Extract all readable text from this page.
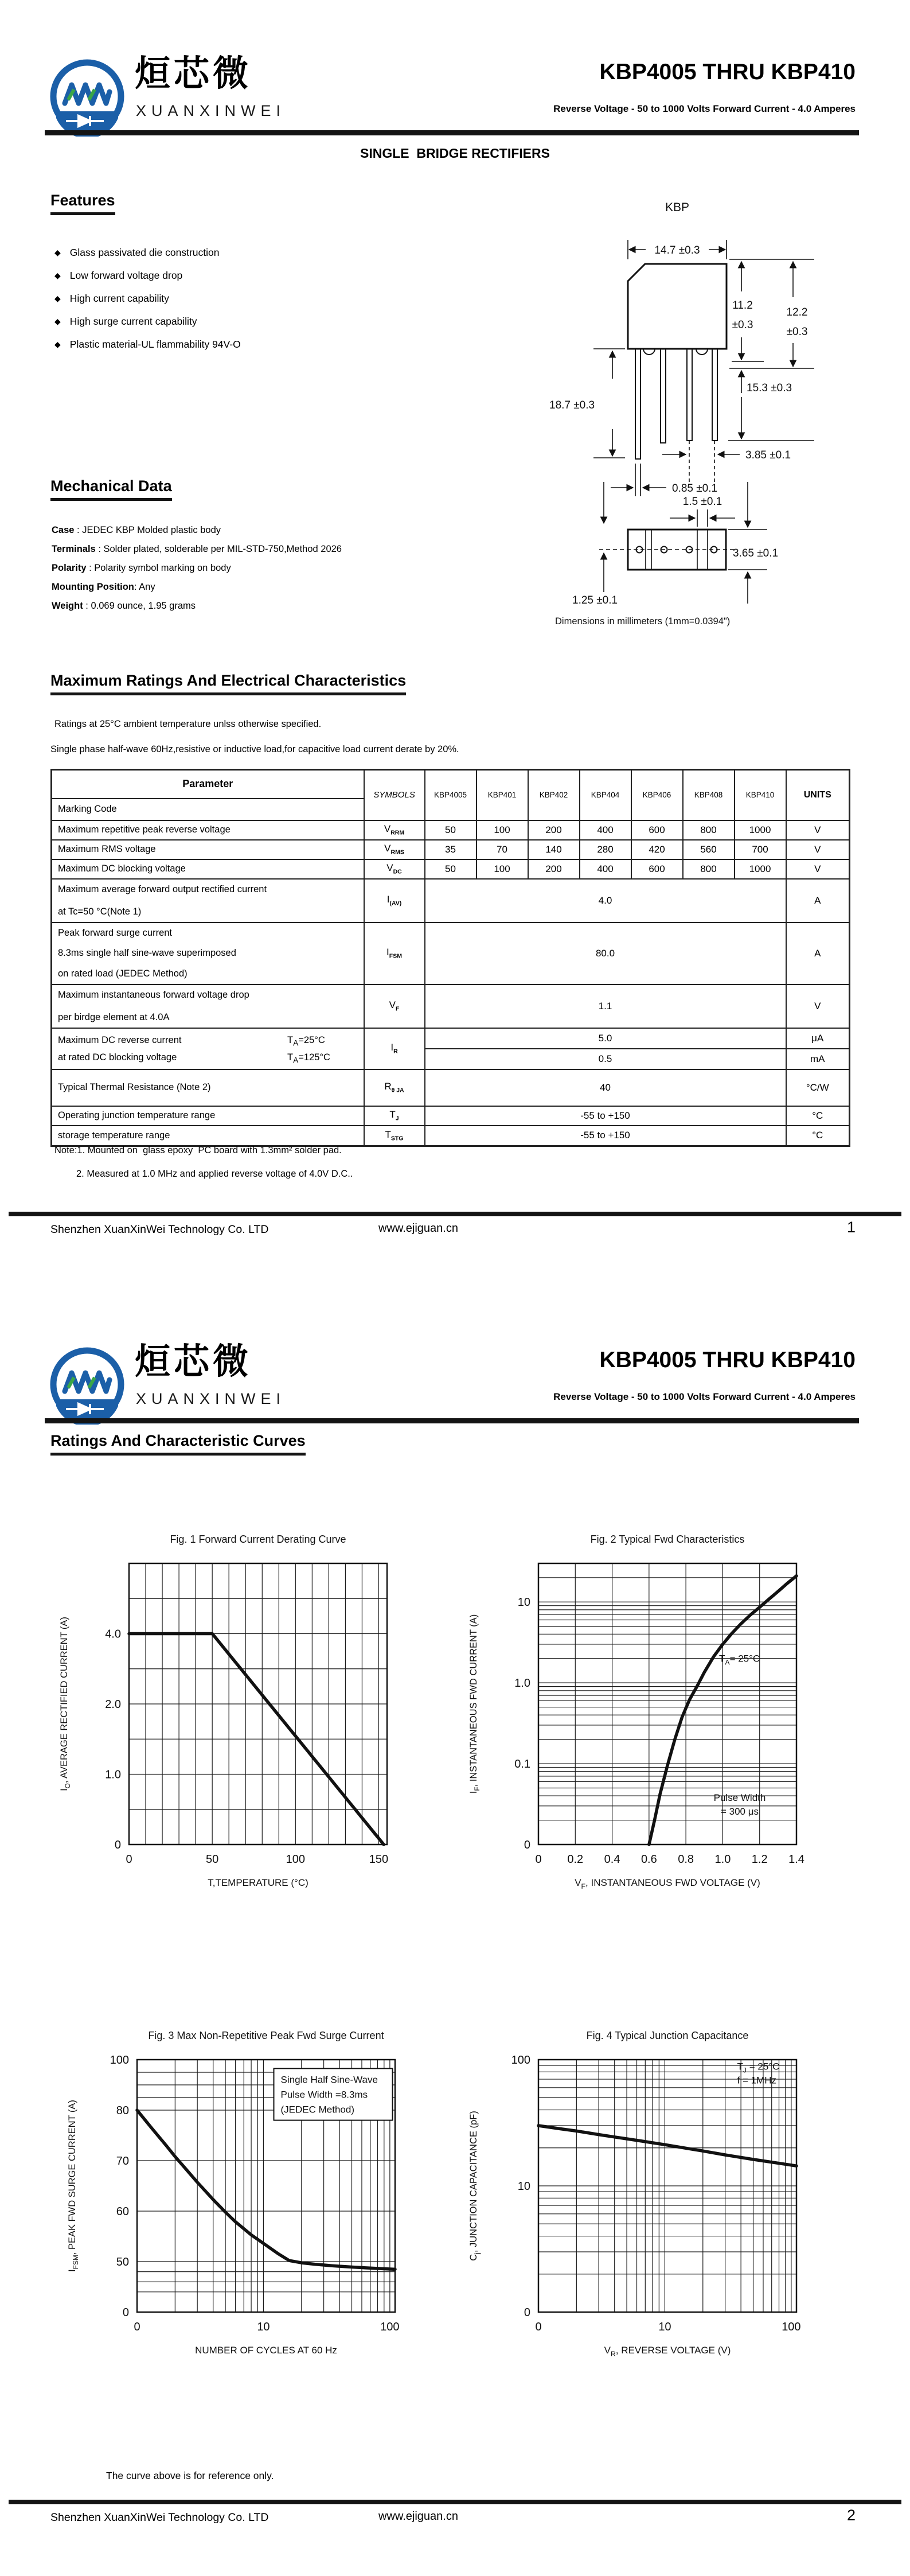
烜芯微
XUANXINWEI
KBP4005 THRU KBP410
Reverse Voltage - 50 to 1000 Volts Forward Current - 4.0 Amperes
SINGLE  BRIDGE RECTIFIERS
Features
◆ Glass passivated die construction
◆ Low forward voltage drop
◆ High current capability
◆ High surge current capability
◆ Plastic material-UL flammability 94V-O
KBP
14.7 ±0.3
11.2
±0.3
12.2
±0.3
15.3 ±0.3
18.7 ±0.3
3.85 ±0.1
0.85 ±0.1
1.5 ±0.1
3.65 ±0.1
1.25 ±0.1
Dimensions in millimeters (1mm=0.0394")
Mechanical Data
Case : JEDEC KBP Molded plastic body
Terminals : Solder plated, solderable per MIL-STD-750,Method 2026
Polarity : Polarity symbol marking on body
Mounting Position: Any
Weight : 0.069 ounce, 1.95 grams
Maximum Ratings And Electrical Characteristics
Ratings at 25°C ambient temperature unlss otherwise specified.
Single phase half-wave 60Hz,resistive or inductive load,for capacitive load current derate by 20%.
Parameter	SYMBOLS	KBP4005	KBP401	KBP402	KBP404	KBP406	KBP408	KBP410	UNITS
Marking Code									
Maximum repetitive peak reverse voltage	$V_{RRM}$	50	100	200	400	600	800	1000	V
Maximum RMS voltage	$V_{RMS}$	35	70	140	280	420	560	700	V
Maximum DC blocking voltage	$V_{DC}$	50	100	200	400	600	800	1000	V

Maximum average forward output rectified current
at Tc=50 °C(Note 1)	$I_{(AV)}$	4.0							A

Peak forward surge current
8.3ms single half sine-wave superimposed
on rated load (JEDEC Method)	$I_{FSM}$	80.0							A

Maximum instantaneous forward voltage drop
per birdge element at 4.0A	$V_F$	1.1							V

Maximum DC reverse current $T_A=25^\circ C$
at rated DC blocking voltage $T_A=125^\circ C$	$I_R$	5.0							μA
		0.5							mA
Typical Thermal Resistance (Note 2)	$R_{\theta JA}$	40							°C/W
Operating junction temperature range	$T_J$	-55 to +150							°C
storage temperature range	$T_{STG}$	-55 to +150							°C
Note:1. Mounted on  glass epoxy  PC board with 1.3mm² solder pad.
2. Measured at 1.0 MHz and applied reverse voltage of 4.0V D.C..
Shenzhen XuanXinWei Technology Co. LTD	www.ejiguan.cn	1
烜芯微
XUANXINWEI
KBP4005 THRU KBP410
Reverse Voltage - 50 to 1000 Volts Forward Current - 4.0 Amperes
Ratings And Characteristic Curves
0	50	100	150
0
1.0
2.0
4.0
Fig. 1 Forward Current Derating Curve
T,TEMPERATURE (°C)
$I_O$, AVERAGE RECTIFIED CURRENT (A)
0 0.2 0.4 0.6 0.8 1.0 1.2 1.4
0
0.1
1.0
10
Fig. 2 Typical Fwd Characteristics
$V_F$, INSTANTANEOUS FWD VOLTAGE (V)
$I_F$, INSTANTANEOUS FWD CURRENT (A)	$T_A= 25^\circ C$
Pulse Width
= 300 μs
0	10	100
0
50
60
70
80
100
Fig. 3 Max Non-Repetitive Peak Fwd Surge Current
NUMBER OF CYCLES AT 60 Hz
$I_{FSM}$, PEAK FWD SURGE CURRENT (A)
Single Half Sine-Wave
Pulse Width =8.3ms
(JEDEC Method)
0	10	100
0
10
100
Fig. 4 Typical Junction Capacitance
$V_R$, REVERSE VOLTAGE (V)
$C_j$, JUNCTION CAPACITANCE (pF)
$T_J = 25^\circ C$
f = 1MHz
The curve above is for reference only.
Shenzhen XuanXinWei Technology Co. LTD	www.ejiguan.cn	2
